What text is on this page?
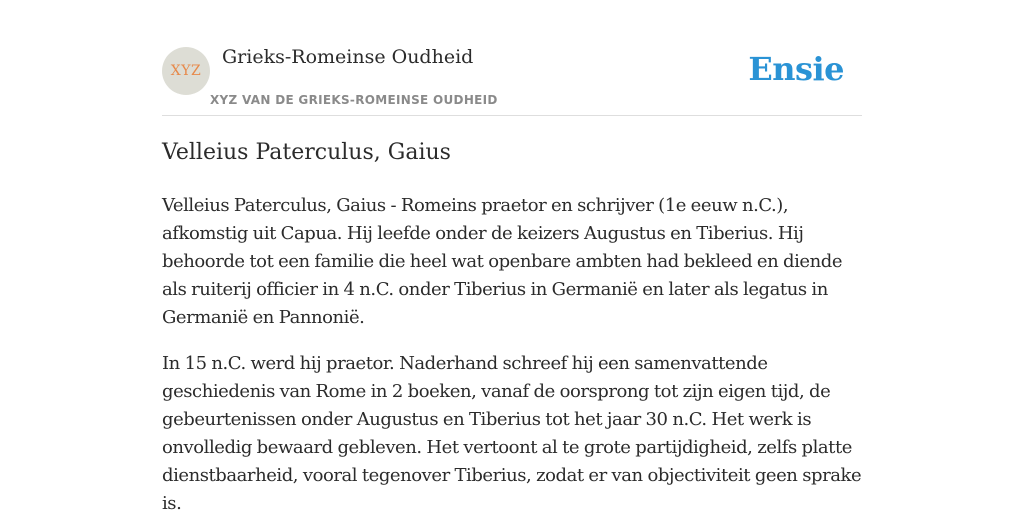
XYZ
Grieks-Romeinse Oudheid
XYZ VAN DE GRIEKS-ROMEINSE OUDHEID
Ensie
Velleius Paterculus, Gaius

Velleius Paterculus, Gaius - Romeins praetor en schrijver (1e eeuw n.C.), afkomstig uit Capua. Hij leefde onder de keizers Augustus en Tiberius. Hij behoorde tot een familie die heel wat openbare ambten had bekleed en diende als ruiterij officier in 4 n.C. onder Tiberius in Germanië en later als legatus in Germanië en Pannonië.

In 15 n.C. werd hij praetor. Naderhand schreef hij een samenvattende geschiedenis van Rome in 2 boeken, vanaf de oorsprong tot zijn eigen tijd, de gebeurtenissen onder Augustus en Tiberius tot het jaar 30 n.C. Het werk is onvolledig bewaard gebleven. Het vertoont al te grote partijdigheid, zelfs platte dienstbaarheid, vooral tegenover Tiberius, zodat er van objectiviteit geen sprake is.
